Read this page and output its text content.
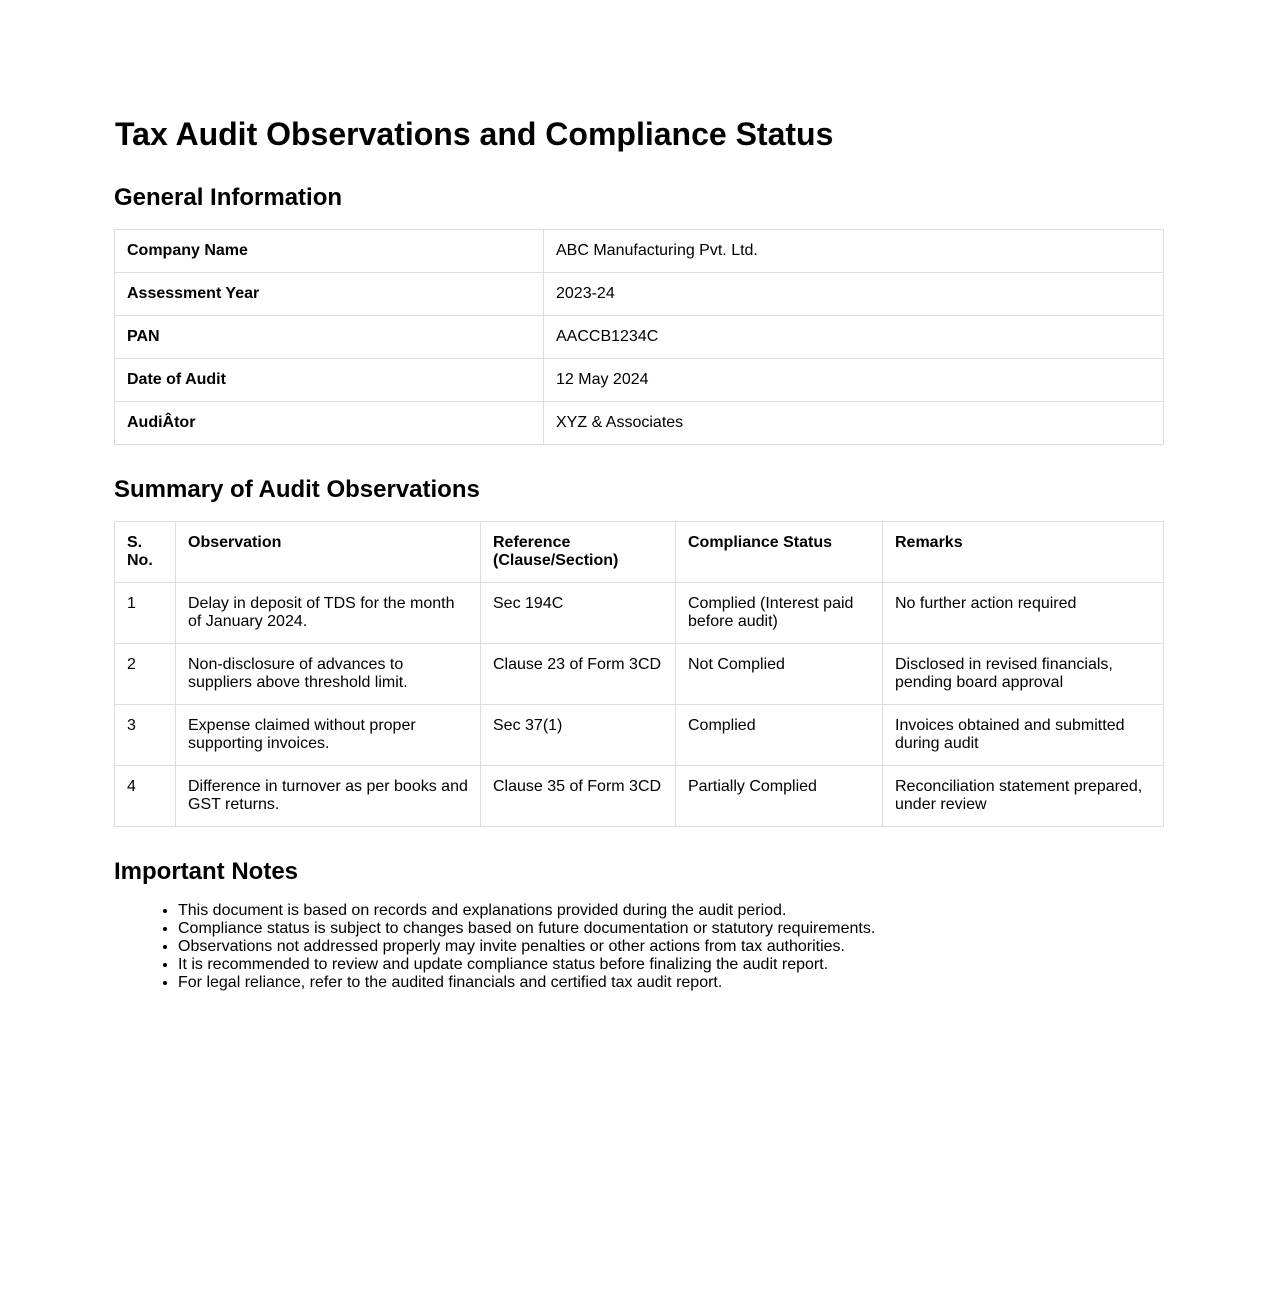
Tax Audit Observations and Compliance Status
General Information
Company Name	ABC Manufacturing Pvt. Ltd.
Assessment Year	2023-24
PAN	AACCB1234C
Date of Audit	12 May 2024
AudiÂtor	XYZ & Associates
Summary of Audit Observations
S. No.	Observation	Reference (Clause/Section)	Compliance Status	Remarks
1	Delay in deposit of TDS for the month of January 2024.	Sec 194C	Complied (Interest paid before audit)	No further action required
2	Non-disclosure of advances to suppliers above threshold limit.	Clause 23 of Form 3CD	Not Complied	Disclosed in revised financials, pending board approval
3	Expense claimed without proper supporting invoices.	Sec 37(1)	Complied	Invoices obtained and submitted during audit
4	Difference in turnover as per books and GST returns.	Clause 35 of Form 3CD	Partially Complied	Reconciliation statement prepared, under review
Important Notes
• This document is based on records and explanations provided during the audit period.
• Compliance status is subject to changes based on future documentation or statutory requirements.
• Observations not addressed properly may invite penalties or other actions from tax authorities.
• It is recommended to review and update compliance status before finalizing the audit report.
• For legal reliance, refer to the audited financials and certified tax audit report.
